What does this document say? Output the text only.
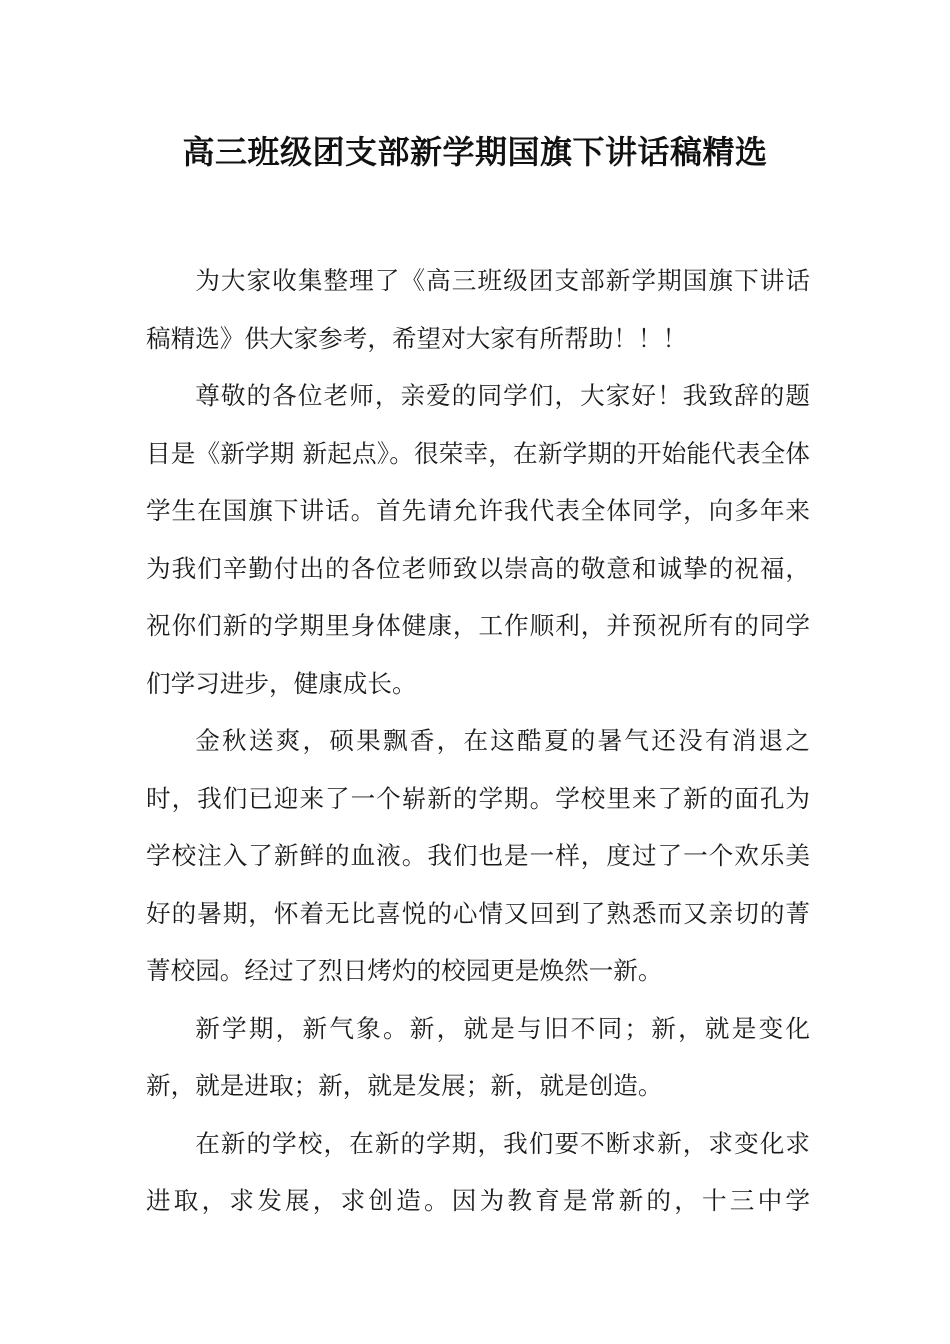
高三班级团支部新学期国旗下讲话稿精选

为大家收集整理了《高三班级团支部新学期国旗下讲话稿精选》供大家参考，希望对大家有所帮助！！！

尊敬的各位老师，亲爱的同学们，大家好！我致辞的题目是《新学期 新起点》。很荣幸，在新学期的开始能代表全体学生在国旗下讲话。首先请允许我代表全体同学，向多年来为我们辛勤付出的各位老师致以崇高的敬意和诚挚的祝福，祝你们新的学期里身体健康，工作顺利，并预祝所有的同学们学习进步，健康成长。

金秋送爽，硕果飘香，在这酷夏的暑气还没有消退之时，我们已迎来了一个崭新的学期。学校里来了新的面孔为学校注入了新鲜的血液。我们也是一样，度过了一个欢乐美好的暑期，怀着无比喜悦的心情又回到了熟悉而又亲切的菁菁校园。经过了烈日烤灼的校园更是焕然一新。

新学期，新气象。新，就是与旧不同；新，就是变化新，就是进取；新，就是发展；新，就是创造。

在新的学校，在新的学期，我们要不断求新，求变化求进取，求发展，求创造。因为教育是常新的，十三中学
